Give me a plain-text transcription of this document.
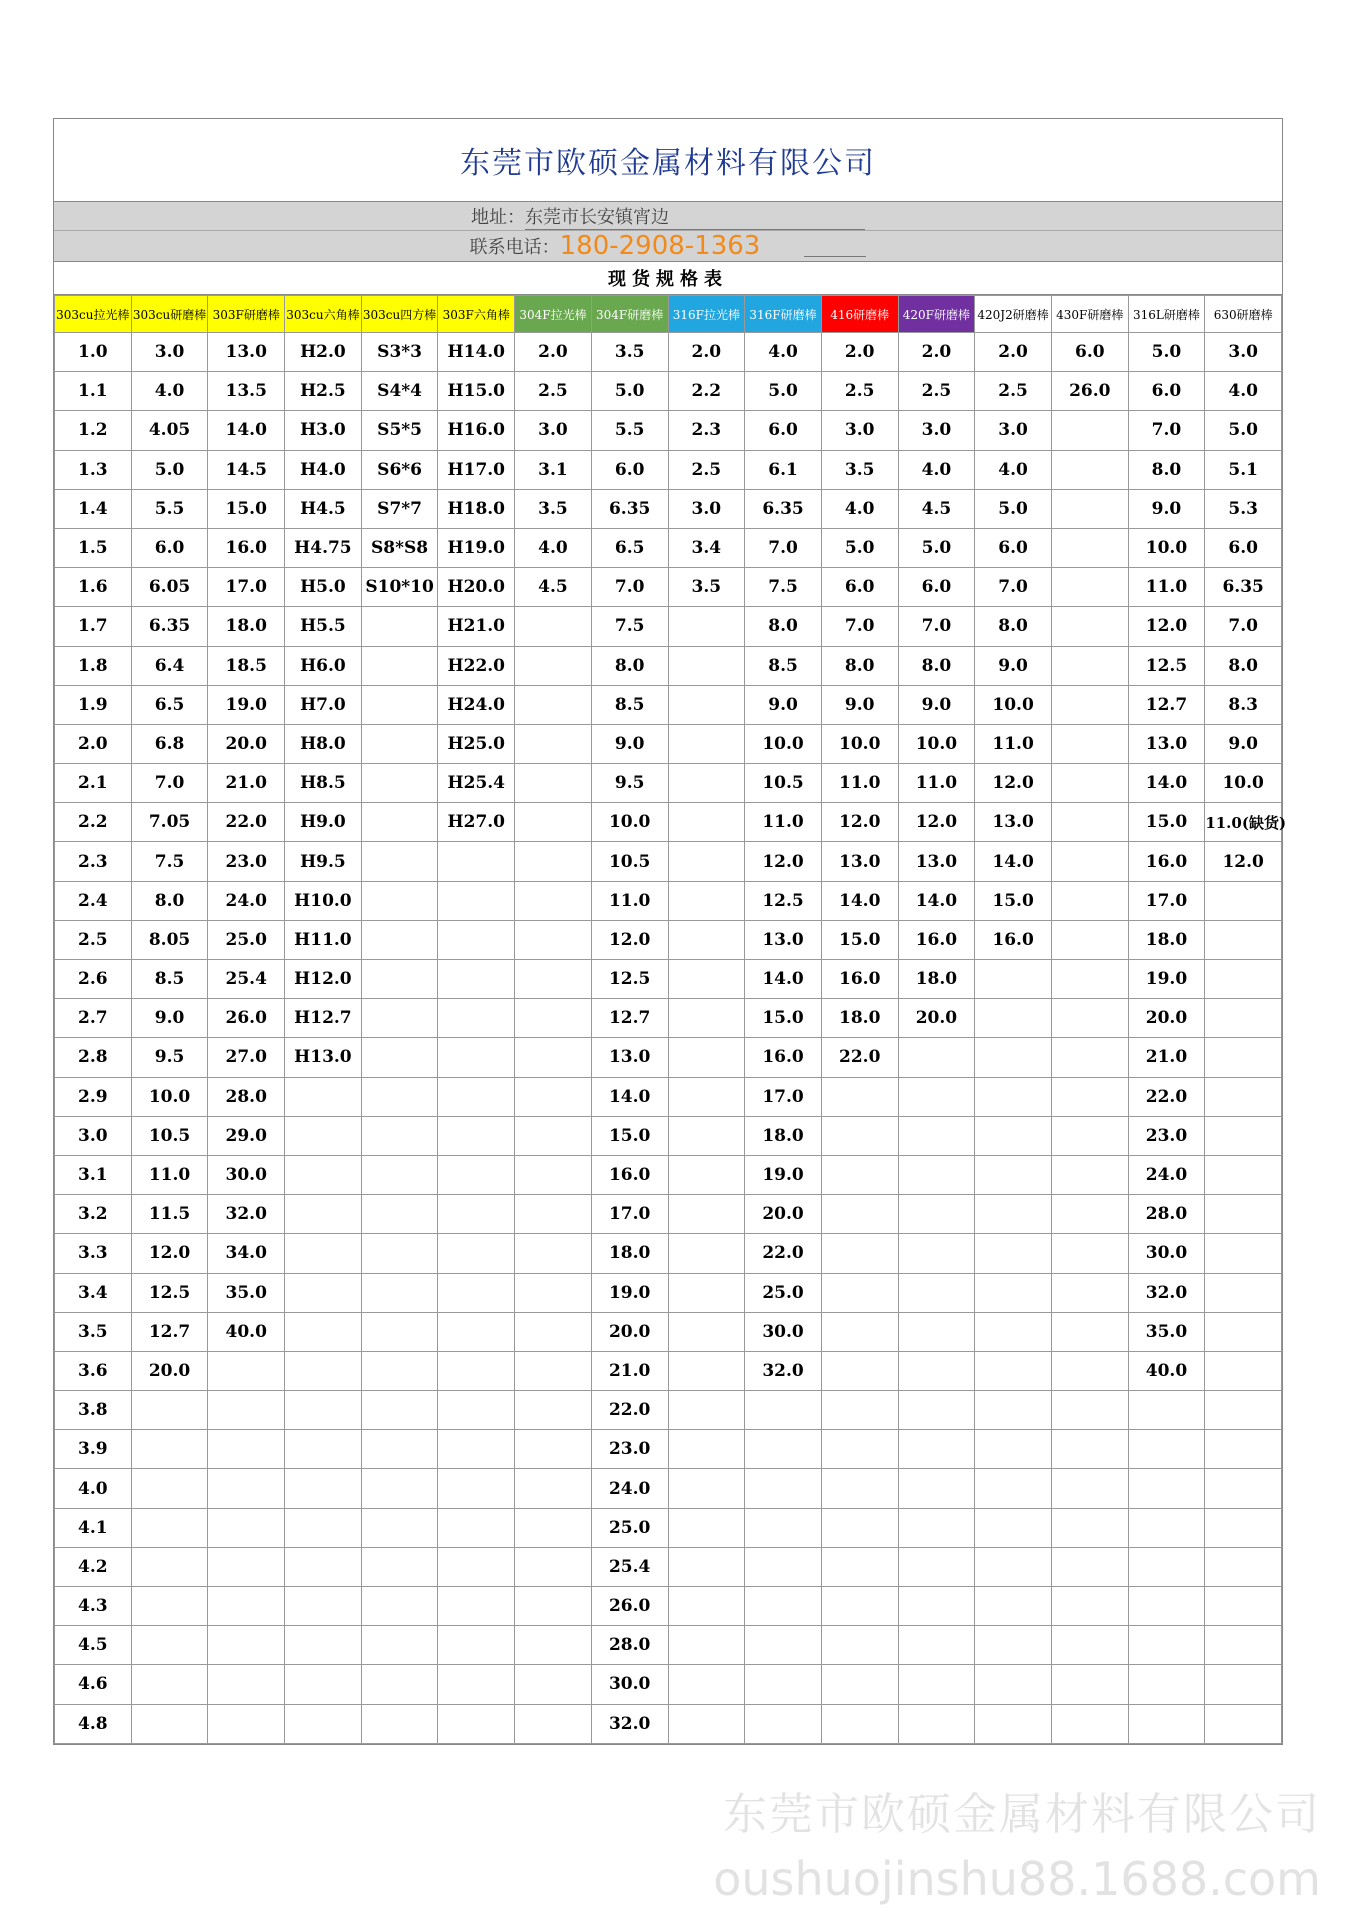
东莞市欧硕金属材料有限公司
地址： 东莞市长安镇宵边
联系电话： 180-2908-1363
现货规格表
303cu拉光棒	303cu研磨棒	303F研磨棒	303cu六角棒	303cu四方棒	303F六角棒	304F拉光棒	304F研磨棒	316F拉光棒	316F研磨棒	416研磨棒	420F研磨棒	420J2研磨棒	430F研磨棒	316L研磨棒	630研磨棒
1.0	3.0	13.0	H2.0	S3*3	H14.0	2.0	3.5	2.0	4.0	2.0	2.0	2.0	6.0	5.0	3.0
1.1	4.0	13.5	H2.5	S4*4	H15.0	2.5	5.0	2.2	5.0	2.5	2.5	2.5	26.0	6.0	4.0
1.2	4.05	14.0	H3.0	S5*5	H16.0	3.0	5.5	2.3	6.0	3.0	3.0	3.0		7.0	5.0
1.3	5.0	14.5	H4.0	S6*6	H17.0	3.1	6.0	2.5	6.1	3.5	4.0	4.0		8.0	5.1
1.4	5.5	15.0	H4.5	S7*7	H18.0	3.5	6.35	3.0	6.35	4.0	4.5	5.0		9.0	5.3
1.5	6.0	16.0	H4.75	S8*S8	H19.0	4.0	6.5	3.4	7.0	5.0	5.0	6.0		10.0	6.0
1.6	6.05	17.0	H5.0	S10*10	H20.0	4.5	7.0	3.5	7.5	6.0	6.0	7.0		11.0	6.35
1.7	6.35	18.0	H5.5		H21.0		7.5		8.0	7.0	7.0	8.0		12.0	7.0
1.8	6.4	18.5	H6.0		H22.0		8.0		8.5	8.0	8.0	9.0		12.5	8.0
1.9	6.5	19.0	H7.0		H24.0		8.5		9.0	9.0	9.0	10.0		12.7	8.3
2.0	6.8	20.0	H8.0		H25.0		9.0		10.0	10.0	10.0	11.0		13.0	9.0
2.1	7.0	21.0	H8.5		H25.4		9.5		10.5	11.0	11.0	12.0		14.0	10.0
2.2	7.05	22.0	H9.0		H27.0		10.0		11.0	12.0	12.0	13.0		15.0	11.0(缺货)
2.3	7.5	23.0	H9.5				10.5		12.0	13.0	13.0	14.0		16.0	12.0
2.4	8.0	24.0	H10.0				11.0		12.5	14.0	14.0	15.0		17.0	
2.5	8.05	25.0	H11.0				12.0		13.0	15.0	16.0	16.0		18.0	
2.6	8.5	25.4	H12.0				12.5		14.0	16.0	18.0			19.0	
2.7	9.0	26.0	H12.7				12.7		15.0	18.0	20.0			20.0	
2.8	9.5	27.0	H13.0				13.0		16.0	22.0				21.0	
2.9	10.0	28.0					14.0		17.0					22.0	
3.0	10.5	29.0					15.0		18.0					23.0	
3.1	11.0	30.0					16.0		19.0					24.0	
3.2	11.5	32.0					17.0		20.0					28.0	
3.3	12.0	34.0					18.0		22.0					30.0	
3.4	12.5	35.0					19.0		25.0					32.0	
3.5	12.7	40.0					20.0		30.0					35.0	
3.6	20.0						21.0		32.0					40.0	
3.8							22.0								
3.9							23.0								
4.0							24.0								
4.1							25.0								
4.2							25.4								
4.3							26.0								
4.5							28.0								
4.6							30.0								
4.8							32.0								
东莞市欧硕金属材料有限公司
oushuojinshu88.1688.com
